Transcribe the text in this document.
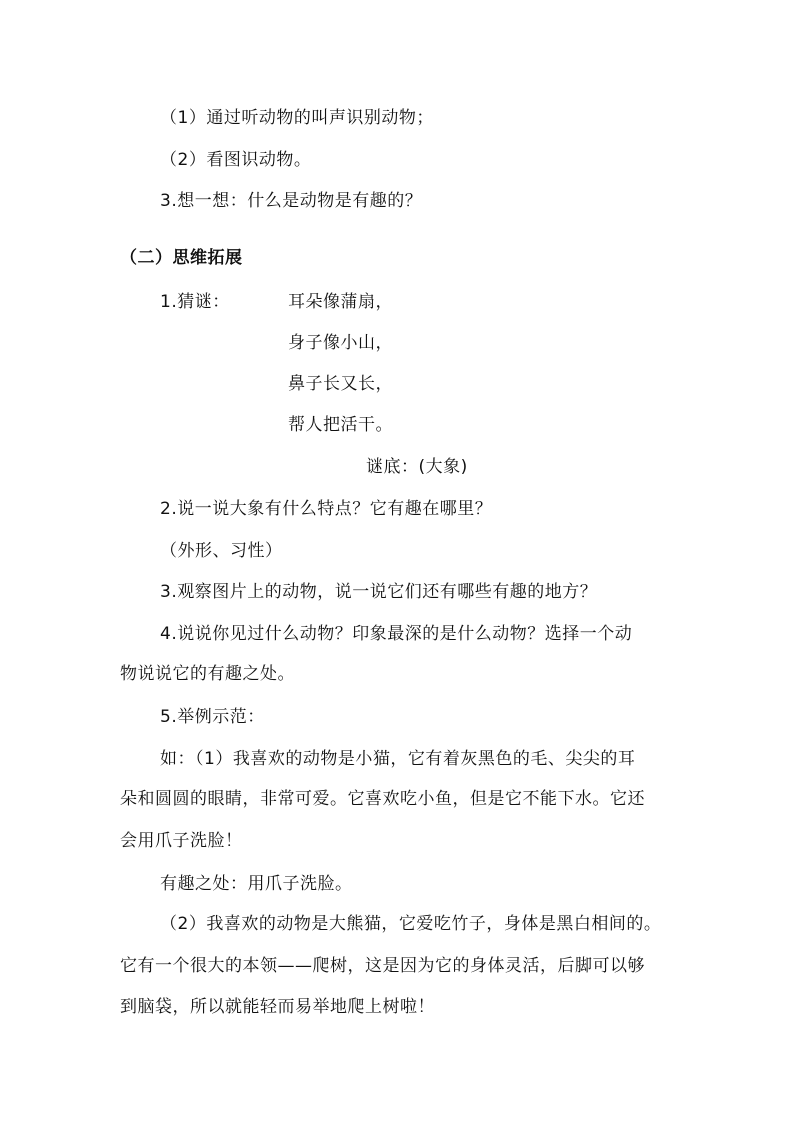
（1）通过听动物的叫声识别动物；
（2）看图识动物。
3.想一想：什么是动物是有趣的？
（二）思维拓展
1.猜谜：	耳朵像蒲扇，
身子像小山，
鼻子长又长，
帮人把活干。
谜底：(大象)
2.说一说大象有什么特点？它有趣在哪里？
（外形、习性）
3.观察图片上的动物，说一说它们还有哪些有趣的地方？
4.说说你见过什么动物？印象最深的是什么动物？选择一个动
物说说它的有趣之处。
5.举例示范：
如：（1）我喜欢的动物是小猫，它有着灰黑色的毛、尖尖的耳
朵和圆圆的眼睛，非常可爱。它喜欢吃小鱼，但是它不能下水。它还
会用爪子洗脸！
有趣之处：用爪子洗脸。
（2）我喜欢的动物是大熊猫，它爱吃竹子，身体是黑白相间的。
它有一个很大的本领——爬树，这是因为它的身体灵活，后脚可以够
到脑袋，所以就能轻而易举地爬上树啦！
